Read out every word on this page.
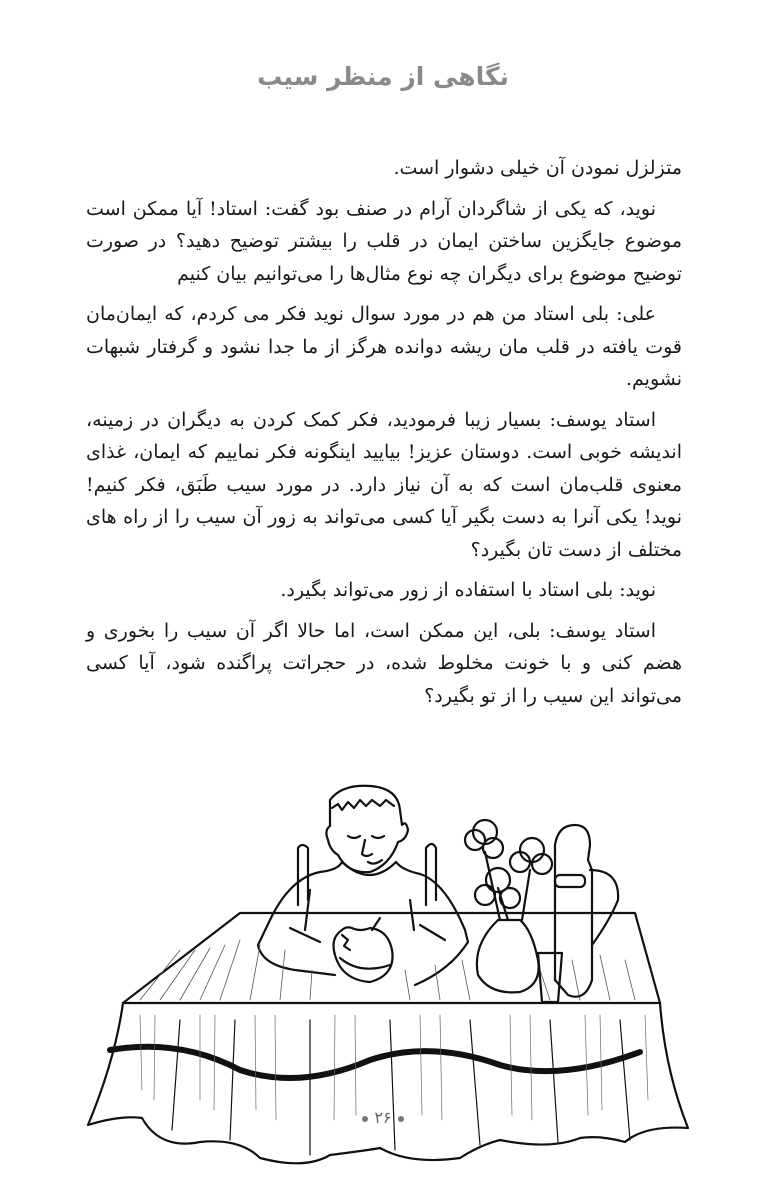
نگاهی از منظر سیب

متزلزل نمودن آن خیلی دشوار است.

نوید، که یکی از شاگردان آرام در صنف بود گفت: استاد! آیا ممکن است موضوع جایگزین ساختن ایمان در قلب را بیشتر توضیح دهید؟ در صورت توضیح موضوع برای دیگران چه نوع مثال‌ها را می‌توانیم بیان کنیم

علی: بلی استاد من هم در مورد سوال نوید فکر می کردم، که ایمان‌مان قوت یافته در قلب مان ریشه دوانده هرگز از ما جدا نشود و گرفتار شبهات نشویم.

استاد یوسف: بسیار زیبا فرمودید، فکر کمک کردن به دیگران در زمینه، اندیشه خوبی است. دوستان عزیز! بیایید اینگونه فکر نماییم که ایمان، غذای معنوی قلب‌مان است که به آن نیاز دارد. در مورد سیب طَبَق، فکر کنیم! نوید! یکی آنرا به دست بگیر آیا کسی می‌تواند به زور آن سیب را از راه های مختلف از دست تان بگیرد؟

نوید: بلی استاد با استفاده از زور می‌تواند بگیرد.

استاد یوسف: بلی، این ممکن است، اما حالا اگر آن سیب را بخوری و هضم کنی و با خونت مخلوط شده، در حجراتت پراگنده شود، آیا کسی می‌تواند این سیب را از تو بگیرد؟

۲۶
